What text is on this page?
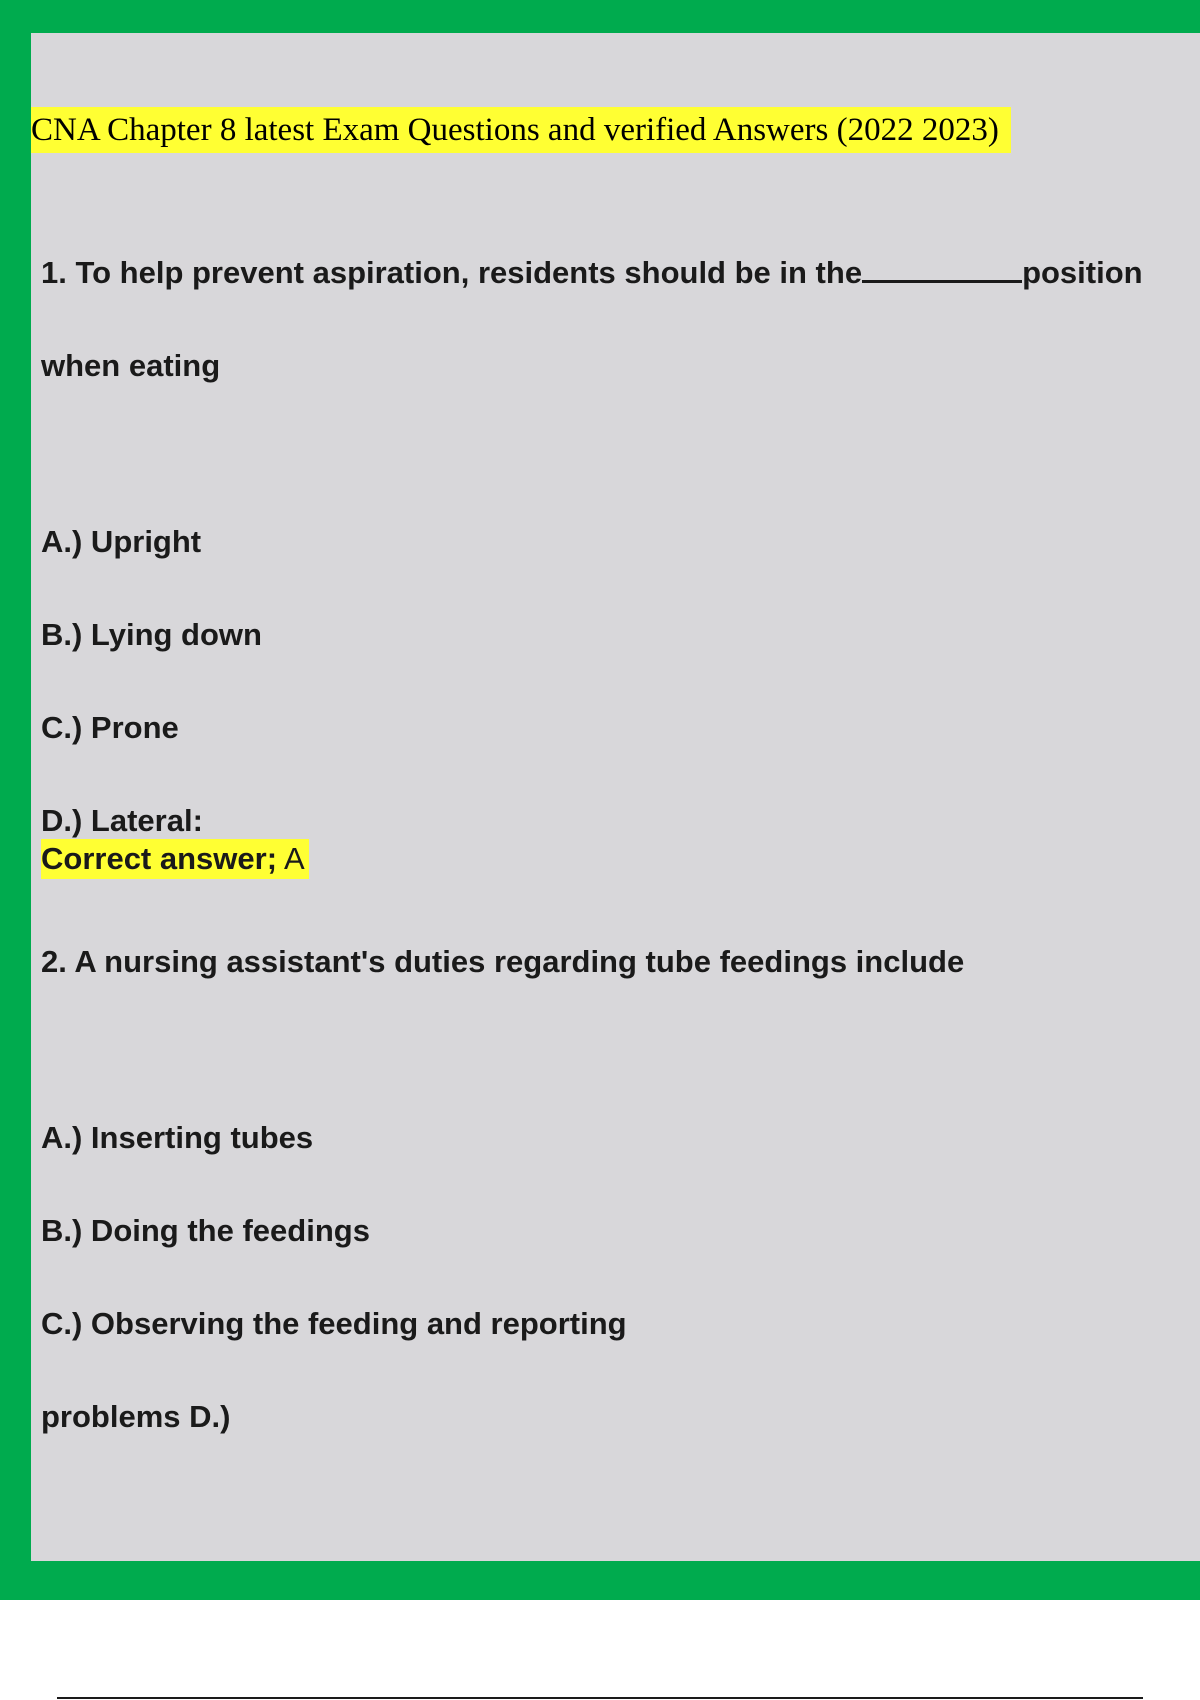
CNA Chapter 8 latest Exam Questions and verified Answers (2022 2023)
1. To help prevent aspiration, residents should be in the	position
when eating
A.) Upright
B.) Lying down
C.) Prone
D.) Lateral:
Correct answer; A
2. A nursing assistant's duties regarding tube feedings include
A.) Inserting tubes
B.) Doing the feedings
C.) Observing the feeding and reporting
problems D.)
